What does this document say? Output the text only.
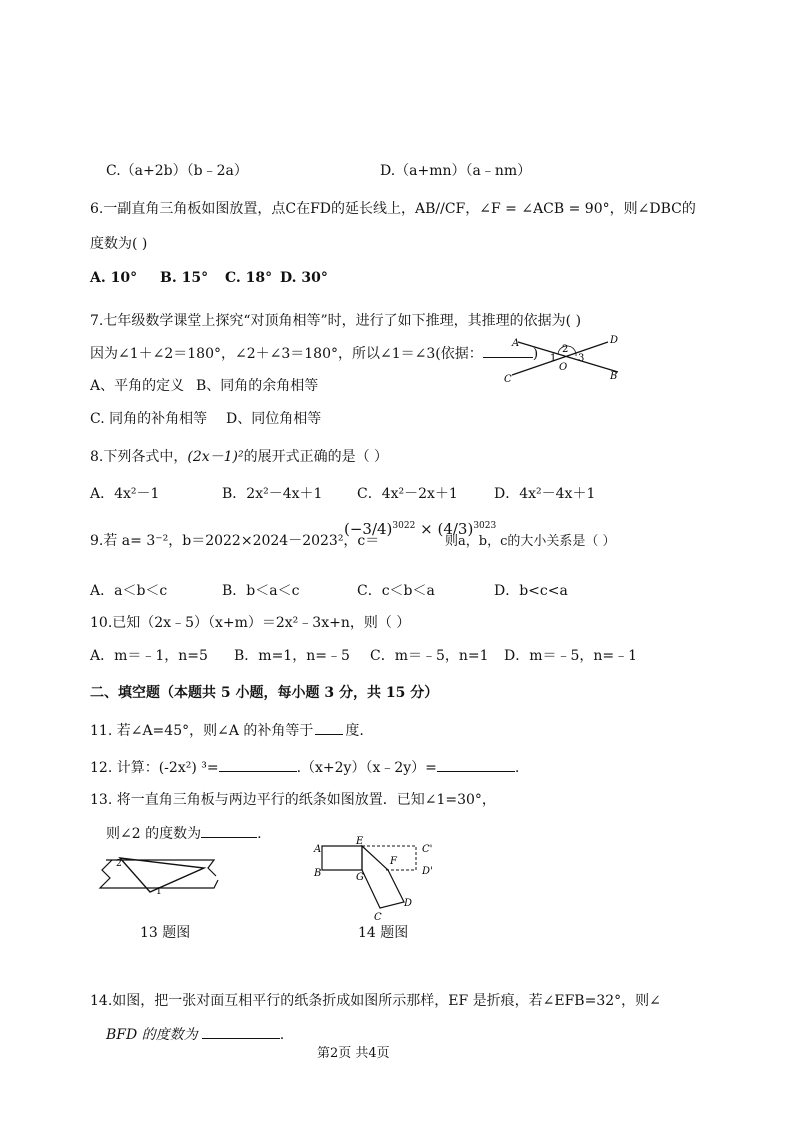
C.（a+2b）（b﹣2a）	D.（a+mn）（a﹣nm）
6.一副直角三角板如图放置，点C在FD的延长线上，AB//CF，∠F = ∠ACB = 90°，则∠DBC的
度数为( )
A. 10° B. 15° C. 18° D. 30°
7.七年级数学课堂上探究“对顶角相等”时，进行了如下推理，其推理的依据为( )
因为∠1＋∠2＝180°，∠2＋∠3＝180°，所以∠1＝∠3(依据：	)
A、平角的定义 B、同角的余角相等
C. 同角的补角相等 D、同位角相等
A	D
C	B
O
1
2
3
8.下列各式中，(2x－1)²的展开式正确的是（ ）
A．4x²－1	B．2x²－4x＋1 C．4x²－2x＋1	D．4x²－4x＋1
9.若 a= 3⁻²，b＝2022×2024－2023²，c＝
$(-3/4)^{3022} \times (4/3)^{3023}$
则a，b，c的大小关系是（ ）
A．a＜b＜c	B．b＜a＜c	C．c＜b＜a	D．b<c<a
10.已知（2x﹣5）（x+m）＝2x²﹣3x+n，则（ ）
A．m＝﹣1，n=5 B．m=1，n=﹣5 C．m＝﹣5，n=1 D．m＝﹣5，n=﹣1
二、填空题（本题共 5 小题，每小题 3 分，共 15 分）
11. 若∠A=45°，则∠A 的补角等于 度.
12. 计算：(-2x²) ³=	.（x+2y）（x﹣2y）=	.
13. 将一直角三角板与两边平行的纸条如图放置．已知∠1=30°，
则∠2 的度数为	.
2
1
13 题图
A
E
C'
B	G
F
D'
C
D
14 题图
14.如图，把一张对面互相平行的纸条折成如图所示那样，EF 是折痕，若∠EFB=32°，则∠
BFD 的度数为	.
第2页 共4页
